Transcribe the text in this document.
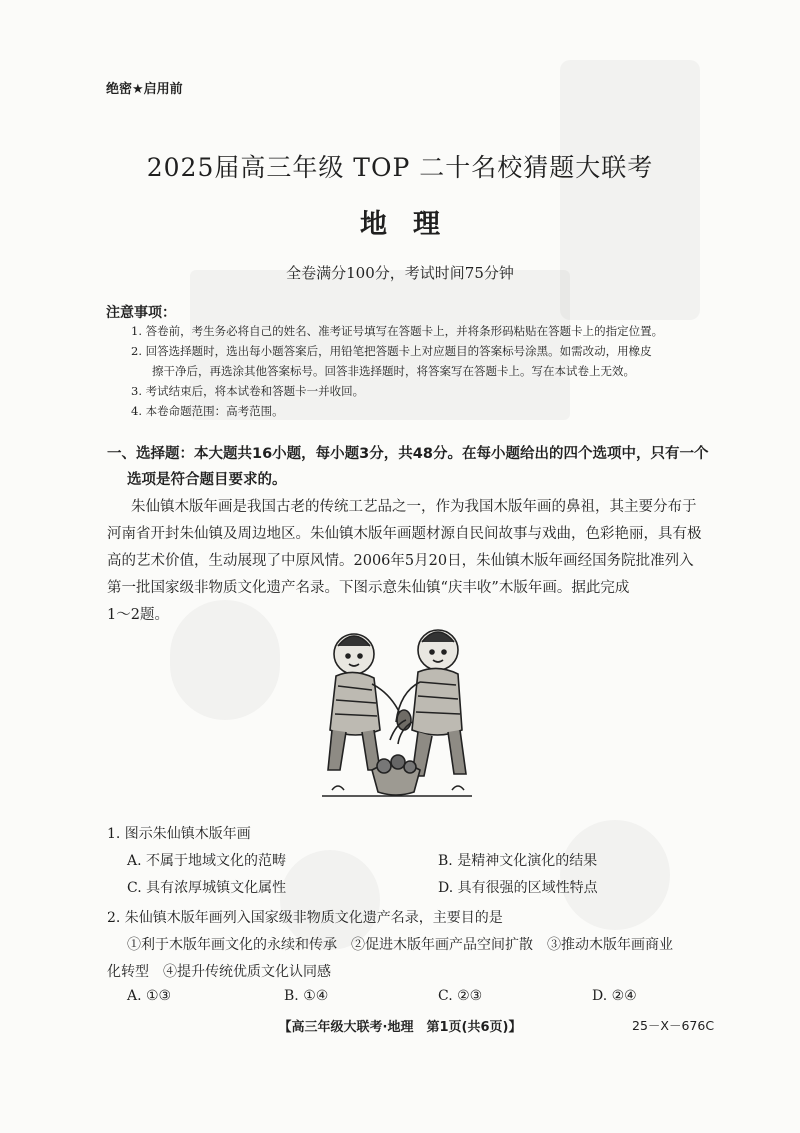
绝密★启用前
2025届高三年级 TOP 二十名校猜题大联考
地理
全卷满分100分，考试时间75分钟
注意事项：
1. 答卷前，考生务必将自己的姓名、准考证号填写在答题卡上，并将条形码粘贴在答题卡上的指定位置。
2. 回答选择题时，选出每小题答案后，用铅笔把答题卡上对应题目的答案标号涂黑。如需改动，用橡皮
擦干净后，再选涂其他答案标号。回答非选择题时，将答案写在答题卡上。写在本试卷上无效。
3. 考试结束后，将本试卷和答题卡一并收回。
4. 本卷命题范围：高考范围。
一、选择题：本大题共16小题，每小题3分，共48分。在每小题给出的四个选项中，只有一个
选项是符合题目要求的。
朱仙镇木版年画是我国古老的传统工艺品之一，作为我国木版年画的鼻祖，其主要分布于
河南省开封朱仙镇及周边地区。朱仙镇木版年画题材源自民间故事与戏曲，色彩艳丽，具有极
高的艺术价值，生动展现了中原风情。2006年5月20日，朱仙镇木版年画经国务院批准列入
第一批国家级非物质文化遗产名录。下图示意朱仙镇“庆丰收”木版年画。据此完成
1～2题。
1. 图示朱仙镇木版年画
A. 不属于地域文化的范畴	B. 是精神文化演化的结果
C. 具有浓厚城镇文化属性	D. 具有很强的区域性特点
2. 朱仙镇木版年画列入国家级非物质文化遗产名录，主要目的是
①利于木版年画文化的永续和传承　②促进木版年画产品空间扩散　③推动木版年画商业
化转型　④提升传统优质文化认同感
A. ①③	B. ①④	C. ②③	D. ②④
【高三年级大联考·地理　第1页(共6页)】	25－X－676C
